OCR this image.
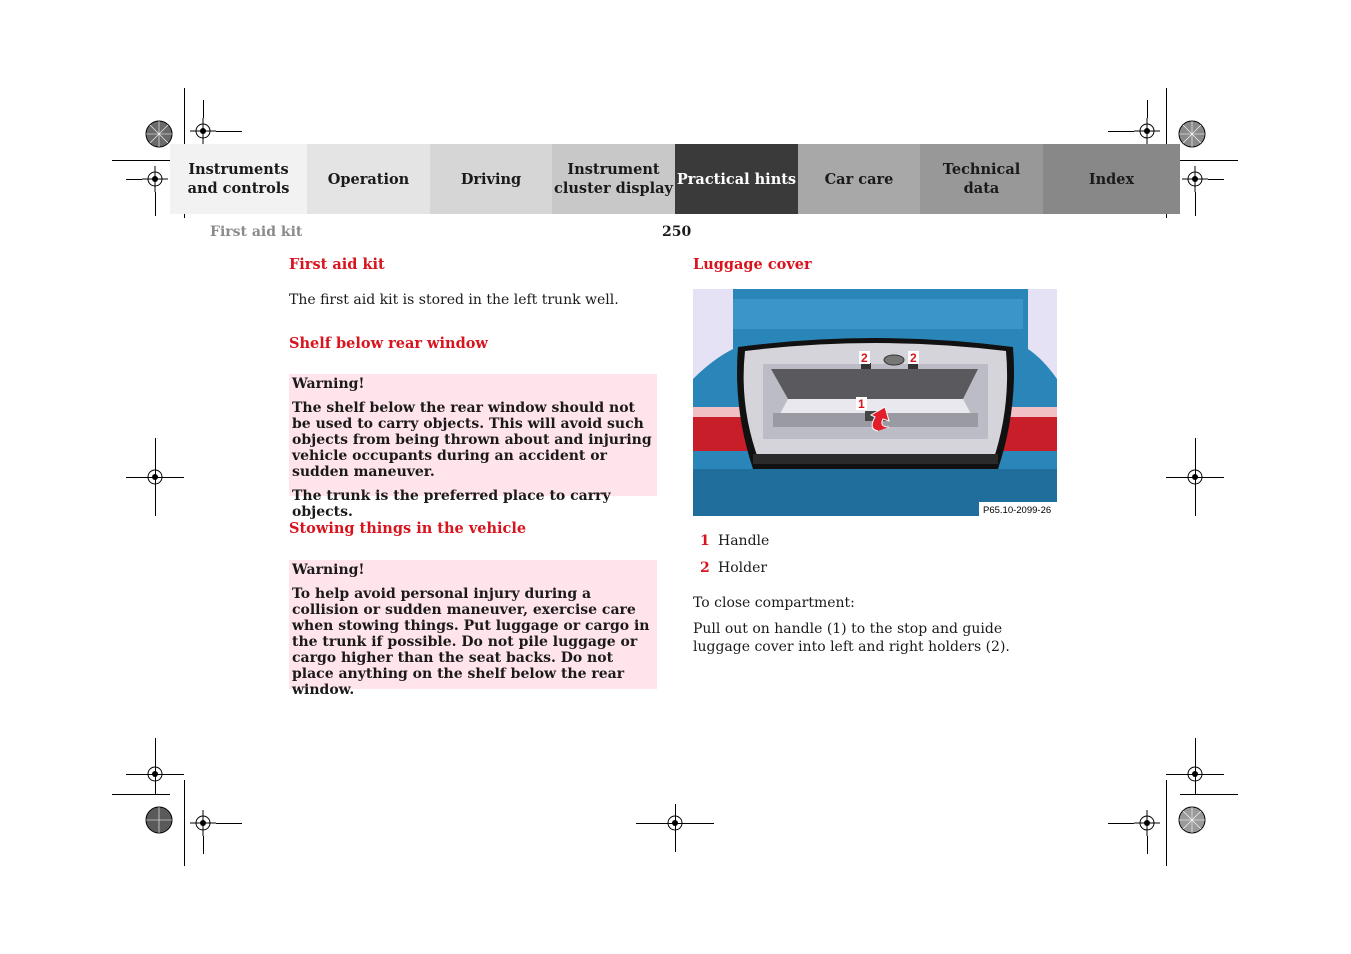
Instruments
and controls
Operation	Driving
Instrument
cluster display
Practical hints	Car care
Technical
data
Index
First aid kit	250
First aid kit
The first aid kit is stored in the left trunk well.
Shelf below rear window

Warning!

The shelf below the rear window should not be used to carry objects. This will avoid such objects from being thrown about and injuring vehicle occupants during an accident or sudden maneuver.

The trunk is the preferred place to carry objects.

Stowing things in the vehicle

Warning!

To help avoid personal injury during a collision or sudden maneuver, exercise care when stowing things. Put luggage or cargo in the trunk if possible. Do not pile luggage or cargo higher than the seat backs. Do not place anything on the shelf below the rear window.

Luggage cover
2	2
1
P65.10-2099-26
1 Handle
2 Holder
To close compartment:
Pull out on handle (1) to the stop and guide luggage cover into left and right holders (2).
